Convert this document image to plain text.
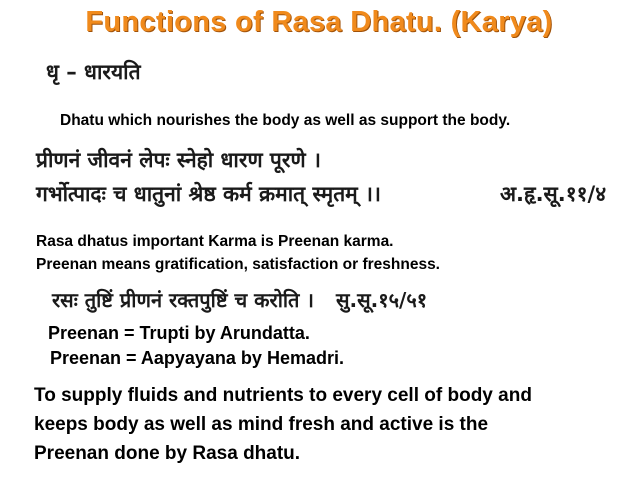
Functions of Rasa Dhatu. (Karya)
धृ – धारयति
Dhatu which nourishes the body as well as support the body.
प्रीणनं जीवनं लेपः स्नेहो धारण पूरणे ।
गर्भोत्पादः च धातुनां श्रेष्ठ कर्म क्रमात् स्मृतम् ।।	अ.हृ.सू.११/४
Rasa dhatus important Karma is Preenan karma.
Preenan means gratification, satisfaction or freshness.
रसः तुष्टिं प्रीणनं रक्तपुष्टिं च करोति । सु.सू.१५/५१
Preenan = Trupti by Arundatta.
Preenan = Aapyayana by Hemadri.
To supply fluids and nutrients to every cell of body and
keeps body as well as mind fresh and active is the
Preenan done by Rasa dhatu.
